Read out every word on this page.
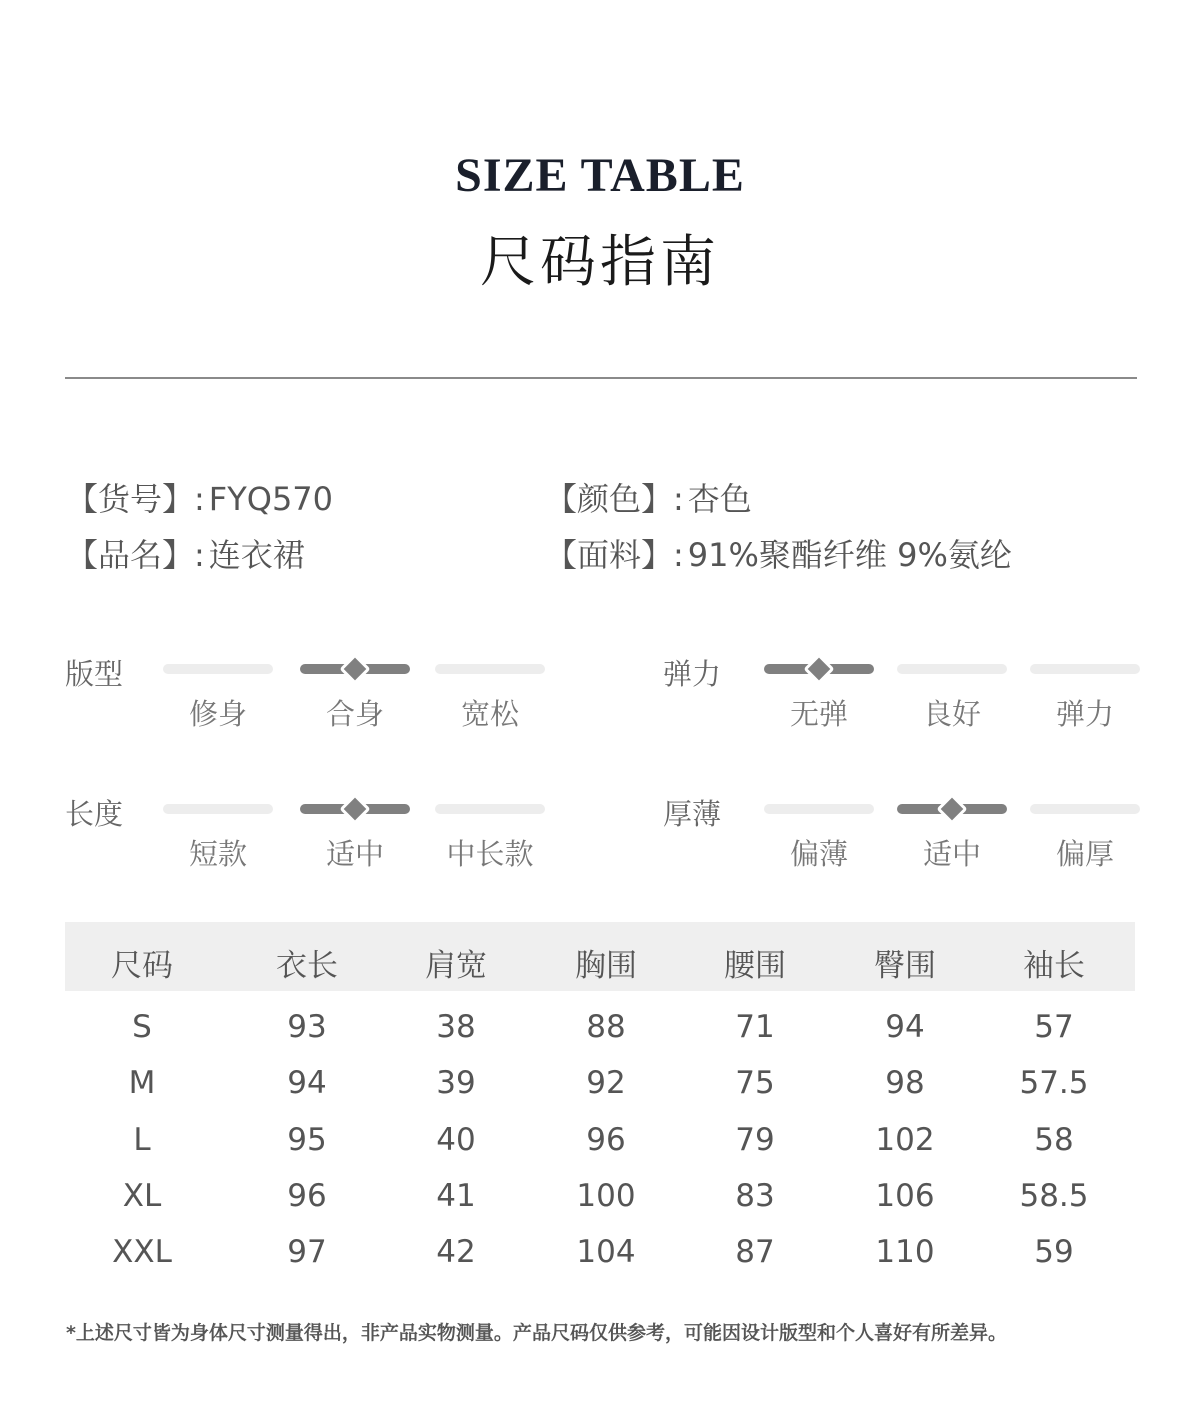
SIZE TABLE
尺码指南
【货号】: FYQ570	【颜色】: 杏色
【品名】: 连衣裙	【面料】: 91%聚酯纤维 9%氨纶
版型
修身	合身	宽松
弹力
无弹	良好	弹力
长度
短款	适中	中长款
厚薄
偏薄	适中	偏厚
尺码	衣长	肩宽	胸围	腰围	臀围	袖长
S	93	38	88	71	94	57
M	94	39	92	75	98	57.5
L	95	40	96	79	102	58
XL	96	41	100	83	106	58.5
XXL	97	42	104	87	110	59
*上述尺寸皆为身体尺寸测量得出，非产品实物测量。产品尺码仅供参考，可能因设计版型和个人喜好有所差异。
